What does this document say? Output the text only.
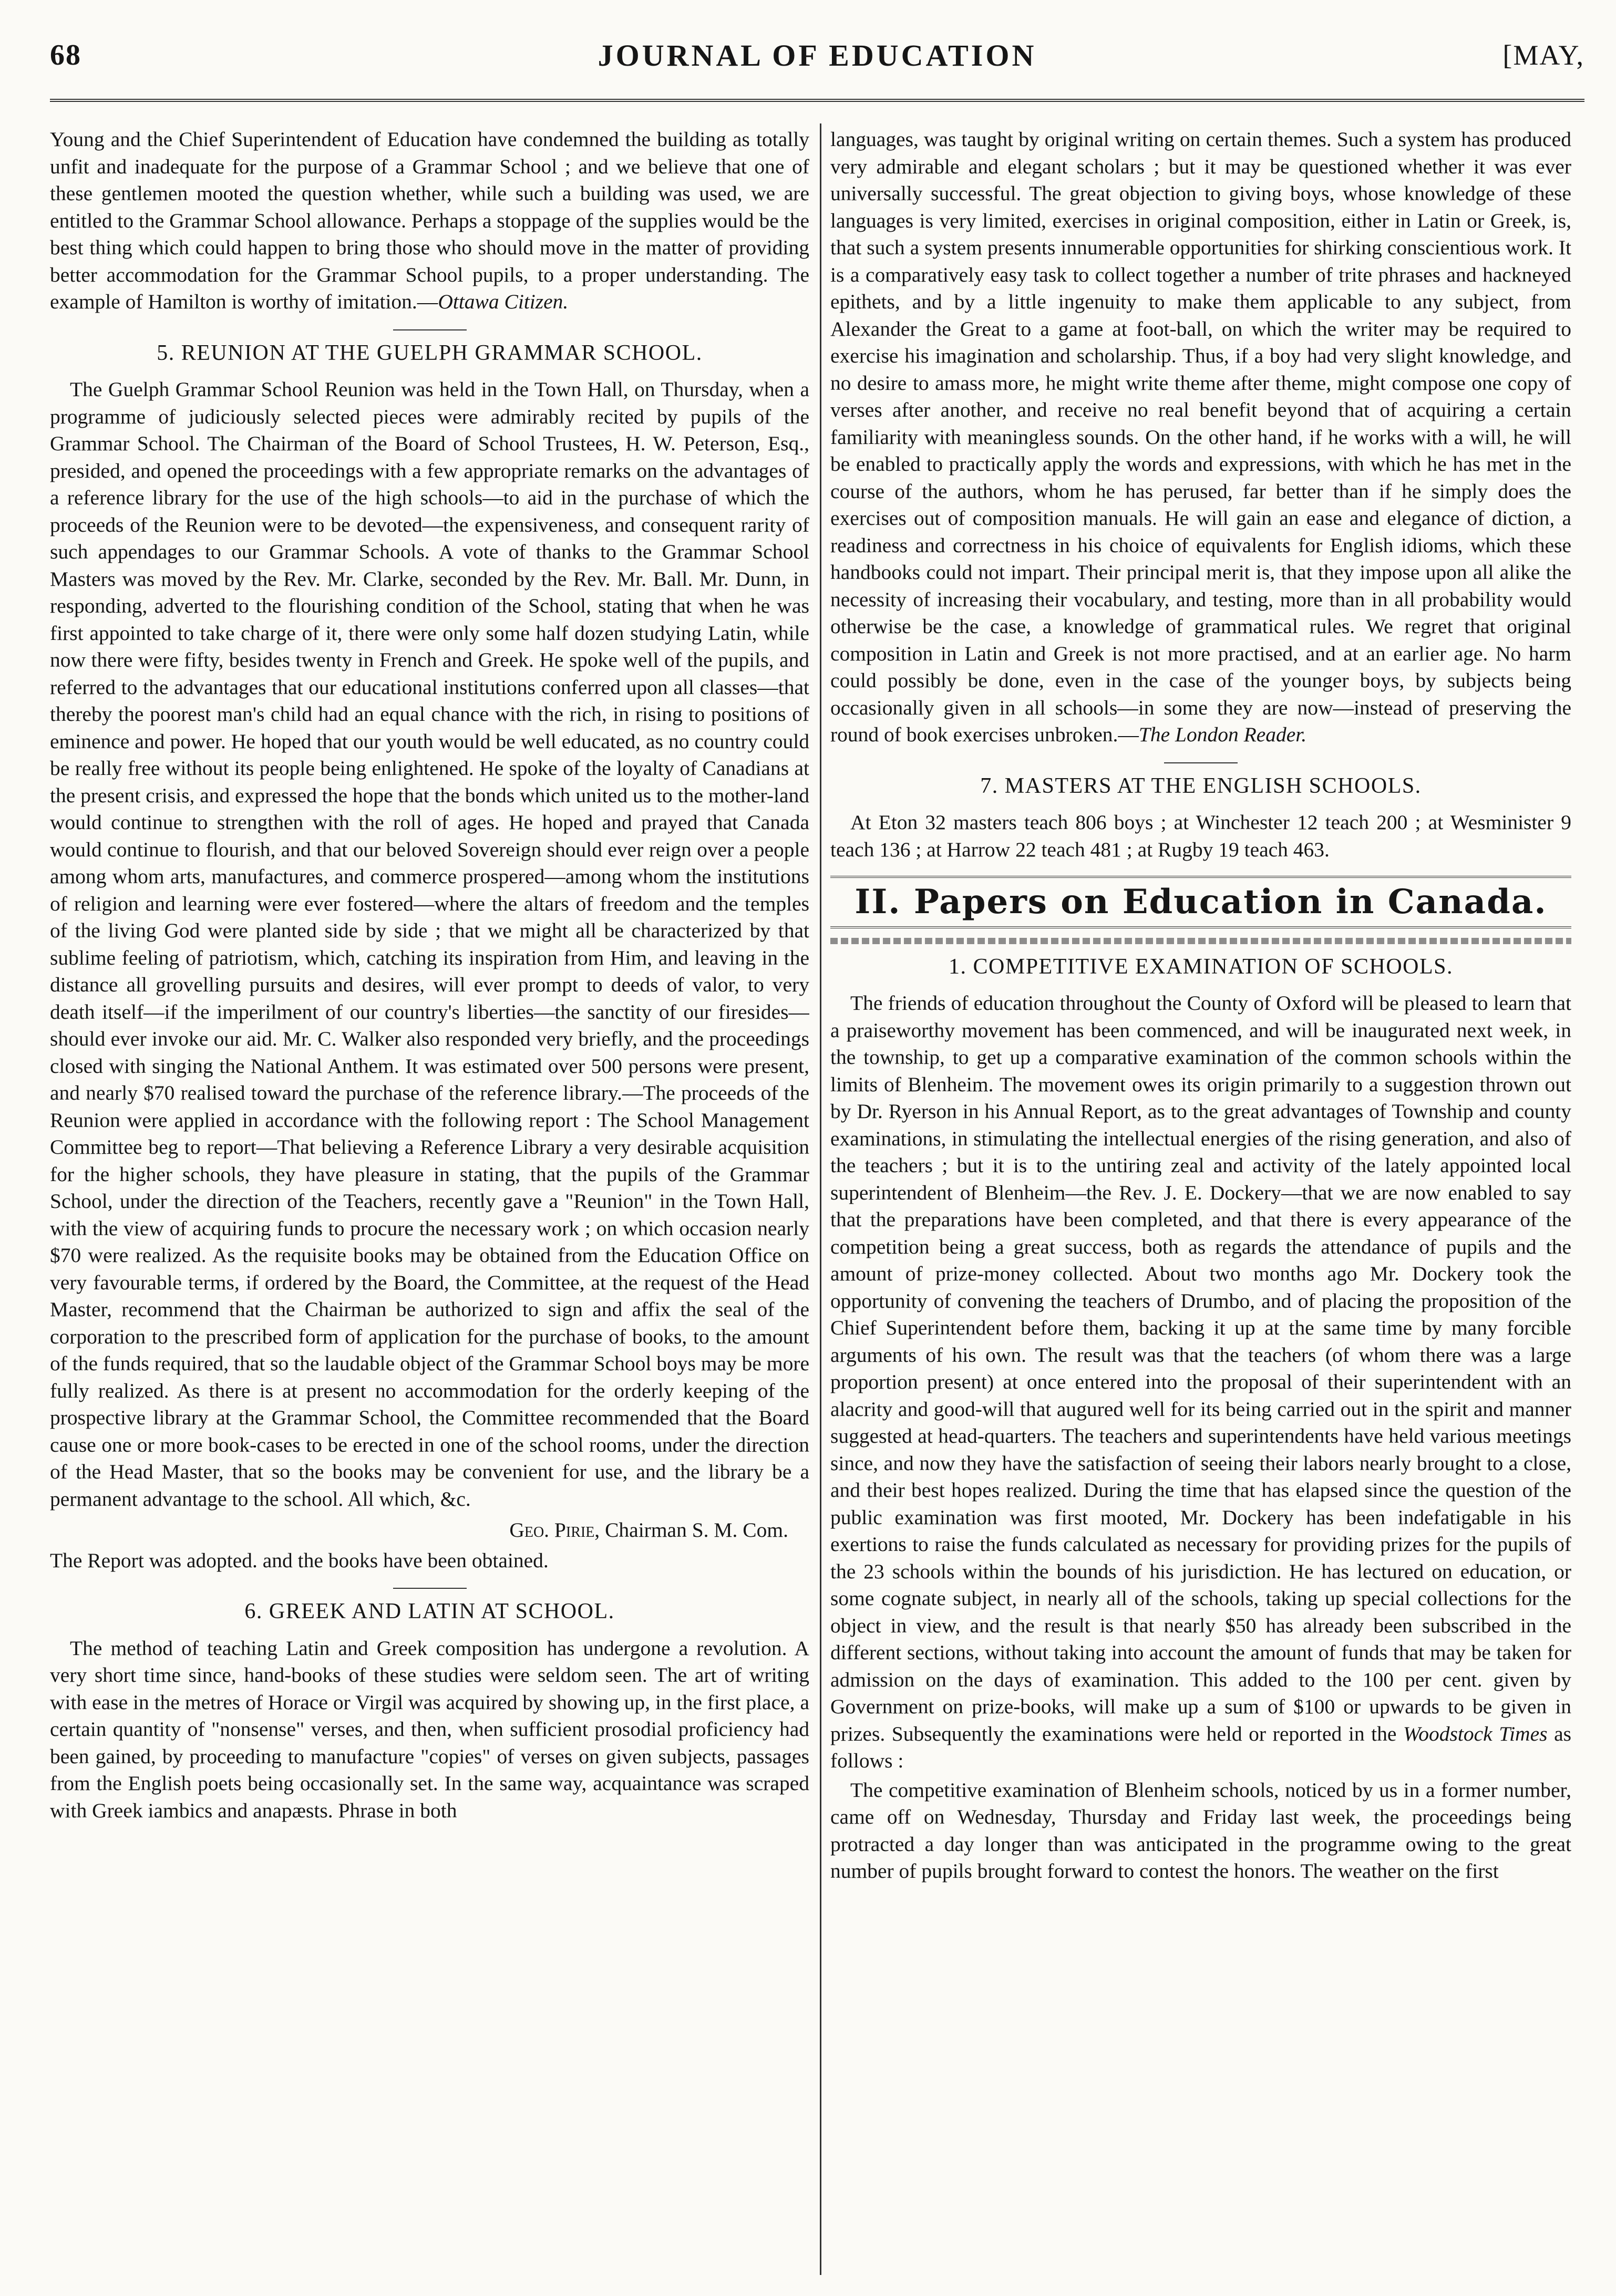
68	JOURNAL OF EDUCATION	[MAY,

Young and the Chief Superintendent of Education have condemned the building as totally unfit and inadequate for the purpose of a Grammar School ; and we believe that one of these gentlemen mooted the question whether, while such a building was used, we are entitled to the Grammar School allowance. Perhaps a stoppage of the supplies would be the best thing which could happen to bring those who should move in the matter of providing better accommodation for the Grammar School pupils, to a proper understanding. The example of Hamilton is worthy of imitation.—Ottawa Citizen.

5. REUNION AT THE GUELPH GRAMMAR SCHOOL.

The Guelph Grammar School Reunion was held in the Town Hall, on Thursday, when a programme of judiciously selected pieces were admirably recited by pupils of the Grammar School. The Chairman of the Board of School Trustees, H. W. Peterson, Esq., presided, and opened the proceedings with a few appropriate remarks on the advantages of a reference library for the use of the high schools—to aid in the purchase of which the proceeds of the Reunion were to be devoted—the expensiveness, and consequent rarity of such appendages to our Grammar Schools. A vote of thanks to the Grammar School Masters was moved by the Rev. Mr. Clarke, seconded by the Rev. Mr. Ball. Mr. Dunn, in responding, adverted to the flourishing condition of the School, stating that when he was first appointed to take charge of it, there were only some half dozen studying Latin, while now there were fifty, besides twenty in French and Greek. He spoke well of the pupils, and referred to the advantages that our educational institutions conferred upon all classes—that thereby the poorest man's child had an equal chance with the rich, in rising to positions of eminence and power. He hoped that our youth would be well educated, as no country could be really free without its people being enlightened. He spoke of the loyalty of Canadians at the present crisis, and expressed the hope that the bonds which united us to the mother-land would continue to strengthen with the roll of ages. He hoped and prayed that Canada would continue to flourish, and that our beloved Sovereign should ever reign over a people among whom arts, manufactures, and commerce prospered—among whom the institutions of religion and learning were ever fostered—where the altars of freedom and the temples of the living God were planted side by side ; that we might all be characterized by that sublime feeling of patriotism, which, catching its inspiration from Him, and leaving in the distance all grovelling pursuits and desires, will ever prompt to deeds of valor, to very death itself—if the imperilment of our country's liberties—the sanctity of our firesides—should ever invoke our aid. Mr. C. Walker also responded very briefly, and the proceedings closed with singing the National Anthem. It was estimated over 500 persons were present, and nearly $70 realised toward the purchase of the reference library.—The proceeds of the Reunion were applied in accordance with the following report : The School Management Committee beg to report—That believing a Reference Library a very desirable acquisition for the higher schools, they have pleasure in stating, that the pupils of the Grammar School, under the direction of the Teachers, recently gave a "Reunion" in the Town Hall, with the view of acquiring funds to procure the necessary work ; on which occasion nearly $70 were realized. As the requisite books may be obtained from the Education Office on very favourable terms, if ordered by the Board, the Committee, at the request of the Head Master, recommend that the Chairman be authorized to sign and affix the seal of the corporation to the prescribed form of application for the purchase of books, to the amount of the funds required, that so the laudable object of the Grammar School boys may be more fully realized. As there is at present no accommodation for the orderly keeping of the prospective library at the Grammar School, the Committee recommended that the Board cause one or more book-cases to be erected in one of the school rooms, under the direction of the Head Master, that so the books may be convenient for use, and the library be a permanent advantage to the school. All which, &c.

Geo. Pirie, Chairman S. M. Com.

The Report was adopted. and the books have been obtained.

6. GREEK AND LATIN AT SCHOOL.

The method of teaching Latin and Greek composition has undergone a revolution. A very short time since, hand-books of these studies were seldom seen. The art of writing with ease in the metres of Horace or Virgil was acquired by showing up, in the first place, a certain quantity of "nonsense" verses, and then, when sufficient prosodial proficiency had been gained, by proceeding to manufacture "copies" of verses on given subjects, passages from the English poets being occasionally set. In the same way, acquaintance was scraped with Greek iambics and anapæsts. Phrase in both

languages, was taught by original writing on certain themes. Such a system has produced very admirable and elegant scholars ; but it may be questioned whether it was ever universally successful. The great objection to giving boys, whose knowledge of these languages is very limited, exercises in original composition, either in Latin or Greek, is, that such a system presents innumerable opportunities for shirking conscientious work. It is a comparatively easy task to collect together a number of trite phrases and hackneyed epithets, and by a little ingenuity to make them applicable to any subject, from Alexander the Great to a game at foot-ball, on which the writer may be required to exercise his imagination and scholarship. Thus, if a boy had very slight knowledge, and no desire to amass more, he might write theme after theme, might compose one copy of verses after another, and receive no real benefit beyond that of acquiring a certain familiarity with meaningless sounds. On the other hand, if he works with a will, he will be enabled to practically apply the words and expressions, with which he has met in the course of the authors, whom he has perused, far better than if he simply does the exercises out of composition manuals. He will gain an ease and elegance of diction, a readiness and correctness in his choice of equivalents for English idioms, which these handbooks could not impart. Their principal merit is, that they impose upon all alike the necessity of increasing their vocabulary, and testing, more than in all probability would otherwise be the case, a knowledge of grammatical rules. We regret that original composition in Latin and Greek is not more practised, and at an earlier age. No harm could possibly be done, even in the case of the younger boys, by subjects being occasionally given in all schools—in some they are now—instead of preserving the round of book exercises unbroken.—The London Reader.

7. MASTERS AT THE ENGLISH SCHOOLS.

At Eton 32 masters teach 806 boys ; at Winchester 12 teach 200 ; at Wesminister 9 teach 136 ; at Harrow 22 teach 481 ; at Rugby 19 teach 463.

II. Papers on Education in Canada.
1. COMPETITIVE EXAMINATION OF SCHOOLS.

The friends of education throughout the County of Oxford will be pleased to learn that a praiseworthy movement has been commenced, and will be inaugurated next week, in the township, to get up a comparative examination of the common schools within the limits of Blenheim. The movement owes its origin primarily to a suggestion thrown out by Dr. Ryerson in his Annual Report, as to the great advantages of Township and county examinations, in stimulating the intellectual energies of the rising generation, and also of the teachers ; but it is to the untiring zeal and activity of the lately appointed local superintendent of Blenheim—the Rev. J. E. Dockery—that we are now enabled to say that the preparations have been completed, and that there is every appearance of the competition being a great success, both as regards the attendance of pupils and the amount of prize-money collected. About two months ago Mr. Dockery took the opportunity of convening the teachers of Drumbo, and of placing the proposition of the Chief Superintendent before them, backing it up at the same time by many forcible arguments of his own. The result was that the teachers (of whom there was a large proportion present) at once entered into the proposal of their superintendent with an alacrity and good-will that augured well for its being carried out in the spirit and manner suggested at head-quarters. The teachers and superintendents have held various meetings since, and now they have the satisfaction of seeing their labors nearly brought to a close, and their best hopes realized. During the time that has elapsed since the question of the public examination was first mooted, Mr. Dockery has been indefatigable in his exertions to raise the funds calculated as necessary for providing prizes for the pupils of the 23 schools within the bounds of his jurisdiction. He has lectured on education, or some cognate subject, in nearly all of the schools, taking up special collections for the object in view, and the result is that nearly $50 has already been subscribed in the different sections, without taking into account the amount of funds that may be taken for admission on the days of examination. This added to the 100 per cent. given by Government on prize-books, will make up a sum of $100 or upwards to be given in prizes. Subsequently the examinations were held or reported in the Woodstock Times as follows :

The competitive examination of Blenheim schools, noticed by us in a former number, came off on Wednesday, Thursday and Friday last week, the proceedings being protracted a day longer than was anticipated in the programme owing to the great number of pupils brought forward to contest the honors. The weather on the first
